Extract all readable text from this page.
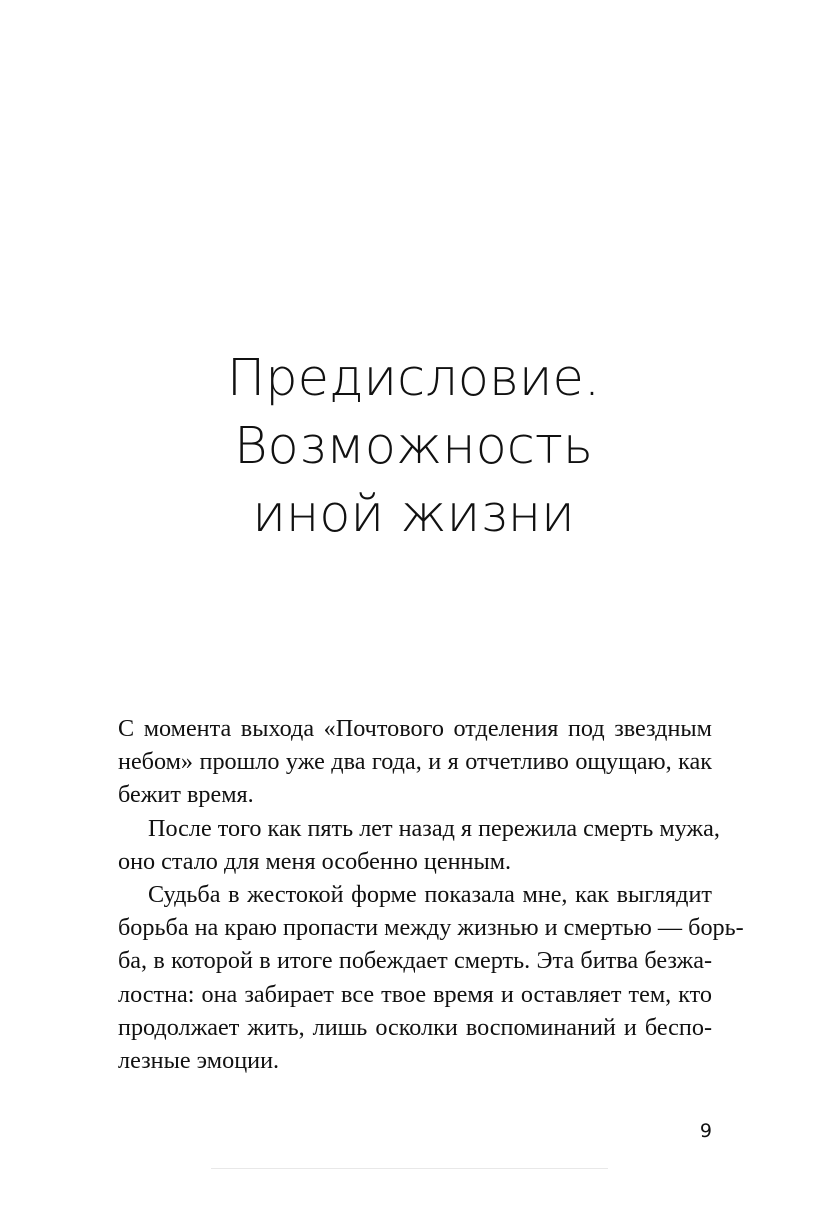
Предисловие.
Возможность
иной жизни

С момента выхода «Почтового отделения под звездным
небом» прошло уже два года, и я отчетливо ощущаю, как
бежит время.

После того как пять лет назад я пережила смерть мужа,
оно стало для меня особенно ценным.

Судьба в жестокой форме показала мне, как выглядит
борьба на краю пропасти между жизнью и смертью — борь-
ба, в которой в итоге побеждает смерть. Эта битва безжа-
лостна: она забирает все твое время и оставляет тем, кто
продолжает жить, лишь осколки воспоминаний и беспо-
лезные эмоции.

9
